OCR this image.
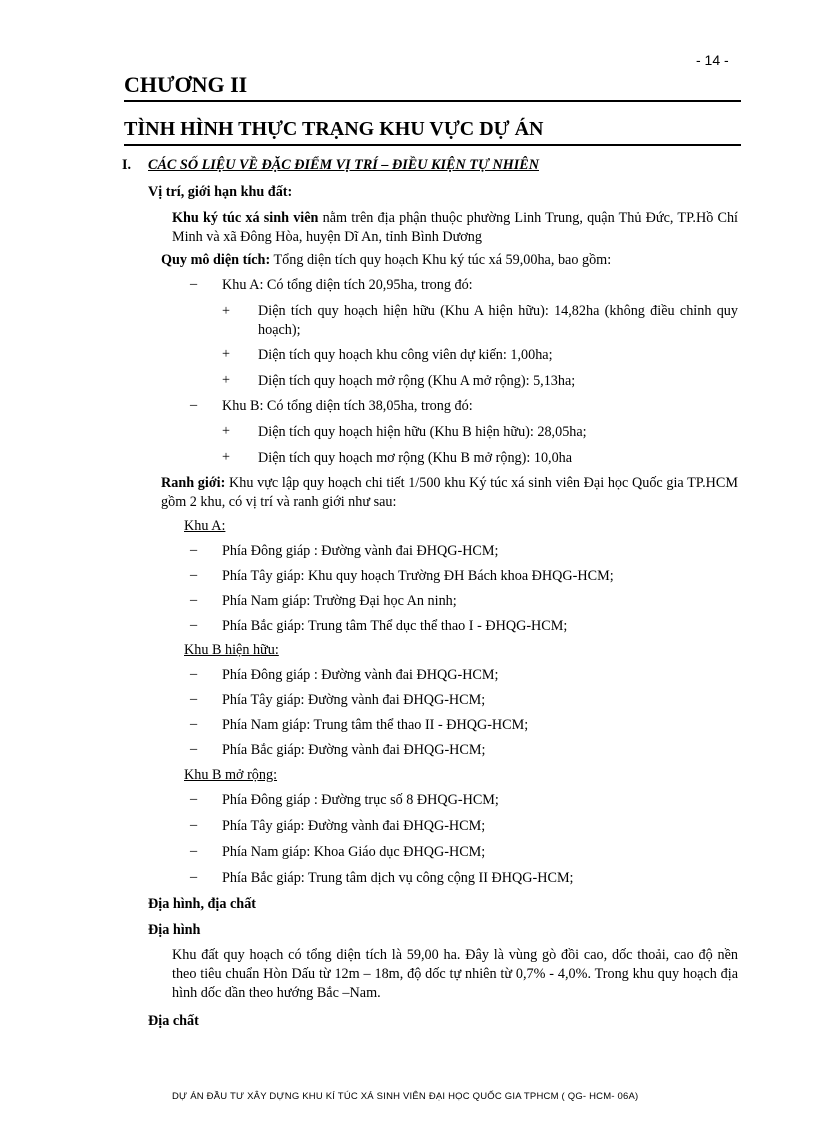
- 14 -
CHƯƠNG II
TÌNH HÌNH THỰC TRẠNG KHU VỰC DỰ ÁN
I. CÁC SỐ LIỆU VỀ ĐẶC ĐIỂM VỊ TRÍ – ĐIỀU KIỆN TỰ NHIÊN
Vị trí, giới hạn khu đất:
Khu ký túc xá sinh viên nằm trên địa phận thuộc phường Linh Trung, quận Thủ Đức, TP.Hồ Chí Minh và xã Đông Hòa, huyện Dĩ An, tỉnh Bình Dương
Quy mô diện tích: Tổng diện tích quy hoạch Khu ký túc xá 59,00ha, bao gồm:
– Khu A: Có tổng diện tích 20,95ha, trong đó:
+ Diện tích quy hoạch hiện hữu (Khu A hiện hữu): 14,82ha (không điều chỉnh quy hoạch);
+ Diện tích quy hoạch khu công viên dự kiến: 1,00ha;
+ Diện tích quy hoạch mở rộng (Khu A mở rộng): 5,13ha;
– Khu B: Có tổng diện tích 38,05ha, trong đó:
+ Diện tích quy hoạch hiện hữu (Khu B hiện hữu): 28,05ha;
+ Diện tích quy hoạch mơ rộng (Khu B mở rộng): 10,0ha
Ranh giới: Khu vực lập quy hoạch chi tiết 1/500 khu Ký túc xá sinh viên Đại học Quốc gia TP.HCM gồm 2 khu, có vị trí và ranh giới như sau:
Khu A:
– Phía Đông giáp : Đường vành đai ĐHQG-HCM;
– Phía Tây giáp: Khu quy hoạch Trường ĐH Bách khoa ĐHQG-HCM;
– Phía Nam giáp: Trường Đại học An ninh;
– Phía Bắc giáp: Trung tâm Thể dục thể thao I - ĐHQG-HCM;
Khu B hiện hữu:
– Phía Đông giáp : Đường vành đai ĐHQG-HCM;
– Phía Tây giáp: Đường vành đai ĐHQG-HCM;
– Phía Nam giáp: Trung tâm thể thao II - ĐHQG-HCM;
– Phía Bắc giáp: Đường vành đai ĐHQG-HCM;
Khu B mở rộng:
– Phía Đông giáp : Đường trục số 8 ĐHQG-HCM;
– Phía Tây giáp: Đường vành đai ĐHQG-HCM;
– Phía Nam giáp: Khoa Giáo dục ĐHQG-HCM;
– Phía Bắc giáp: Trung tâm dịch vụ công cộng II ĐHQG-HCM;
Địa hình, địa chất
Địa hình
Khu đất quy hoạch có tổng diện tích là 59,00 ha. Đây là vùng gò đồi cao, dốc thoải, cao độ nền theo tiêu chuẩn Hòn Dấu từ 12m – 18m, độ dốc tự nhiên từ 0,7% - 4,0%. Trong khu quy hoạch địa hình dốc dần theo hướng Bắc –Nam.
Địa chất
DỰ ÁN ĐẦU TƯ XÂY DỰNG KHU KÍ TÚC XÁ SINH VIÊN ĐẠI HỌC QUỐC GIA TPHCM ( QG- HCM- 06A)
